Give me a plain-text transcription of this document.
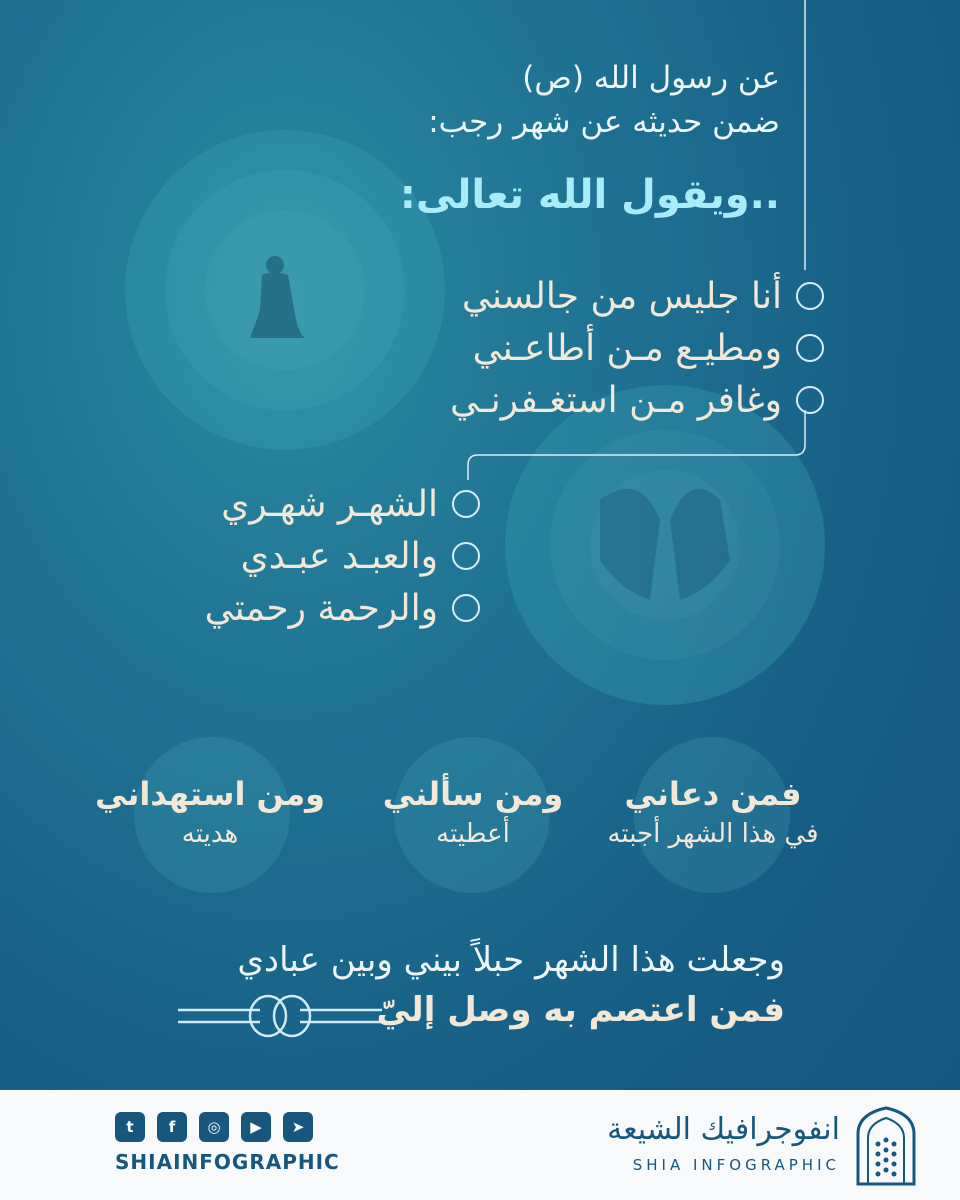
عن رسول الله (ص)
ضمن حديثه عن شهر رجب:
..ويقول الله تعالى:
أنا جليس من جالسني
ومطيـع مـن أطاعـني
وغافر مـن استغـفرنـي
الشهـر شهـري
والعبـد عبـدي
والرحمة رحمتي
فمن دعاني
في هذا الشهر أجبته
ومن سألني
أعطيته
ومن استهداني
هديته
وجعلت هذا الشهر حبلاً بيني وبين عبادي
فمن اعتصم به وصل إليّ
انفوجرافيك الشيعة
SHIA INFOGRAPHIC
t	f	◎	▶	➤
SHIAINFOGRAPHIC
